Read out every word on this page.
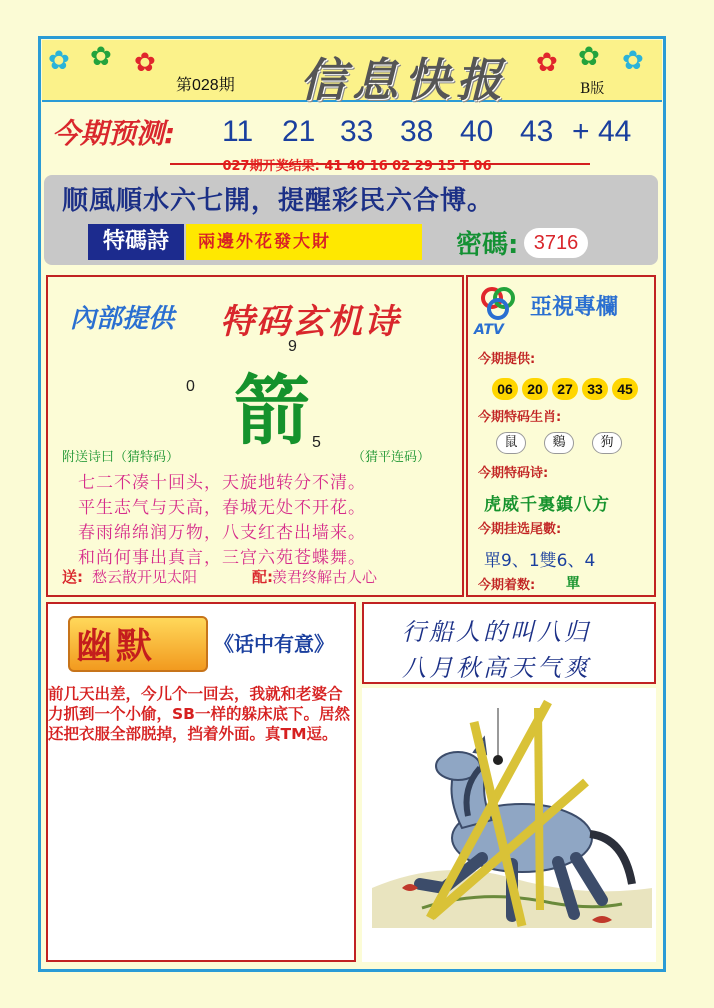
✿ ✿ ✿	✿ ✿ ✿
第028期 信息快报	B版
今期预测: 11 21 33 38 40 43 + 44
027期开奖结果: 41 40 16 02 29 15 T 06
顺風順水六七開，提醒彩民六合博。
特碼詩	兩邊外花發大財	密碼: 3716
內部提供 特码玄机诗
箭
9
0
5
附送诗曰（猜特码）	（猜平连码）
七二不凑十回头，天旋地转分不清。
平生志气与天高，春城无处不开花。
春雨绵绵润万物，八支红杏出墙来。
和尚何事出真言，三宫六苑苍蝶舞。
送: 愁云散开见太阳	配: 羡君终解古人心
ATV
亞視專欄
今期提供:
06	20	27	33	45
今期特码生肖:
鼠	鷄	狗
今期特码诗:
虎威千裏鎮八方
今期挂选尾數:
單9、1雙6、4
今期着数: 單
幽默	《话中有意》
前几天出差，今儿个一回去，我就和老婆合力抓到一个小偷，SB一样的躲床底下。居然还把衣服全部脱掉，挡着外面。真TM逗。
行船人的叫八归
八月秋高天气爽
